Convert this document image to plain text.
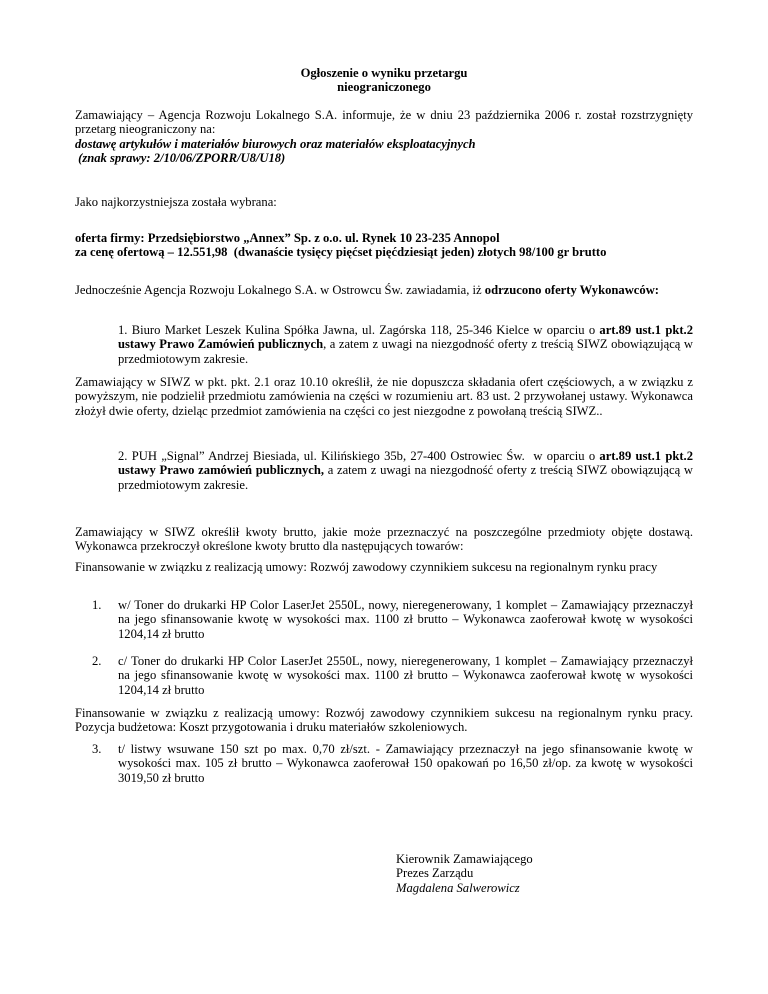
Ogłoszenie o wyniku przetargu
nieograniczonego
Zamawiający – Agencja Rozwoju Lokalnego S.A. informuje, że w dniu 23 października 2006 r. został rozstrzygnięty przetarg nieograniczony na:
dostawę artykułów i materiałów biurowych oraz materiałów eksploatacyjnych
(znak sprawy: 2/10/06/ZPORR/U8/U18)
Jako najkorzystniejsza została wybrana:
oferta firmy: Przedsiębiorstwo „Annex” Sp. z o.o. ul. Rynek 10 23-235 Annopol
za cenę ofertową – 12.551,98  (dwanaście tysięcy pięćset pięćdziesiąt jeden) złotych 98/100 gr brutto
Jednocześnie Agencja Rozwoju Lokalnego S.A. w Ostrowcu Św. zawiadamia, iż odrzucono oferty Wykonawców:
1. Biuro Market Leszek Kulina Spółka Jawna, ul. Zagórska 118, 25-346 Kielce w oparciu o art.89 ust.1 pkt.2 ustawy Prawo Zamówień publicznych, a zatem z uwagi na niezgodność oferty z treścią SIWZ obowiązującą w przedmiotowym zakresie.
Zamawiający w SIWZ w pkt. pkt. 2.1 oraz 10.10 określił, że nie dopuszcza składania ofert częściowych, a w związku z powyższym, nie podzielił przedmiotu zamówienia na części w rozumieniu art. 83 ust. 2 przywołanej ustawy. Wykonawca złożył dwie oferty, dzieląc przedmiot zamówienia na części co jest niezgodne z powołaną treścią SIWZ..
2. PUH „Signal” Andrzej Biesiada, ul. Kilińskiego 35b, 27-400 Ostrowiec Św.  w oparciu o art.89 ust.1 pkt.2 ustawy Prawo zamówień publicznych, a zatem z uwagi na niezgodność oferty z treścią SIWZ obowiązującą w przedmiotowym zakresie.
Zamawiający w SIWZ określił kwoty brutto, jakie może przeznaczyć na poszczególne przedmioty objęte dostawą. Wykonawca przekroczył określone kwoty brutto dla następujących towarów:
Finansowanie w związku z realizacją umowy: Rozwój zawodowy czynnikiem sukcesu na regionalnym rynku pracy
1. w/ Toner do drukarki HP Color LaserJet 2550L, nowy, nieregenerowany, 1 komplet – Zamawiający przeznaczył na jego sfinansowanie kwotę w wysokości max. 1100 zł brutto – Wykonawca zaoferował kwotę w wysokości 1204,14 zł brutto
2. c/ Toner do drukarki HP Color LaserJet 2550L, nowy, nieregenerowany, 1 komplet – Zamawiający przeznaczył na jego sfinansowanie kwotę w wysokości max. 1100 zł brutto – Wykonawca zaoferował kwotę w wysokości 1204,14 zł brutto
Finansowanie w związku z realizacją umowy: Rozwój zawodowy czynnikiem sukcesu na regionalnym rynku pracy. Pozycja budżetowa: Koszt przygotowania i druku materiałów szkoleniowych.
3. t/ listwy wsuwane 150 szt po max. 0,70 zł/szt. - Zamawiający przeznaczył na jego sfinansowanie kwotę w wysokości max. 105 zł brutto – Wykonawca zaoferował 150 opakowań po 16,50 zł/op. za kwotę w wysokości 3019,50 zł brutto
Kierownik Zamawiającego
Prezes Zarządu
Magdalena Salwerowicz
